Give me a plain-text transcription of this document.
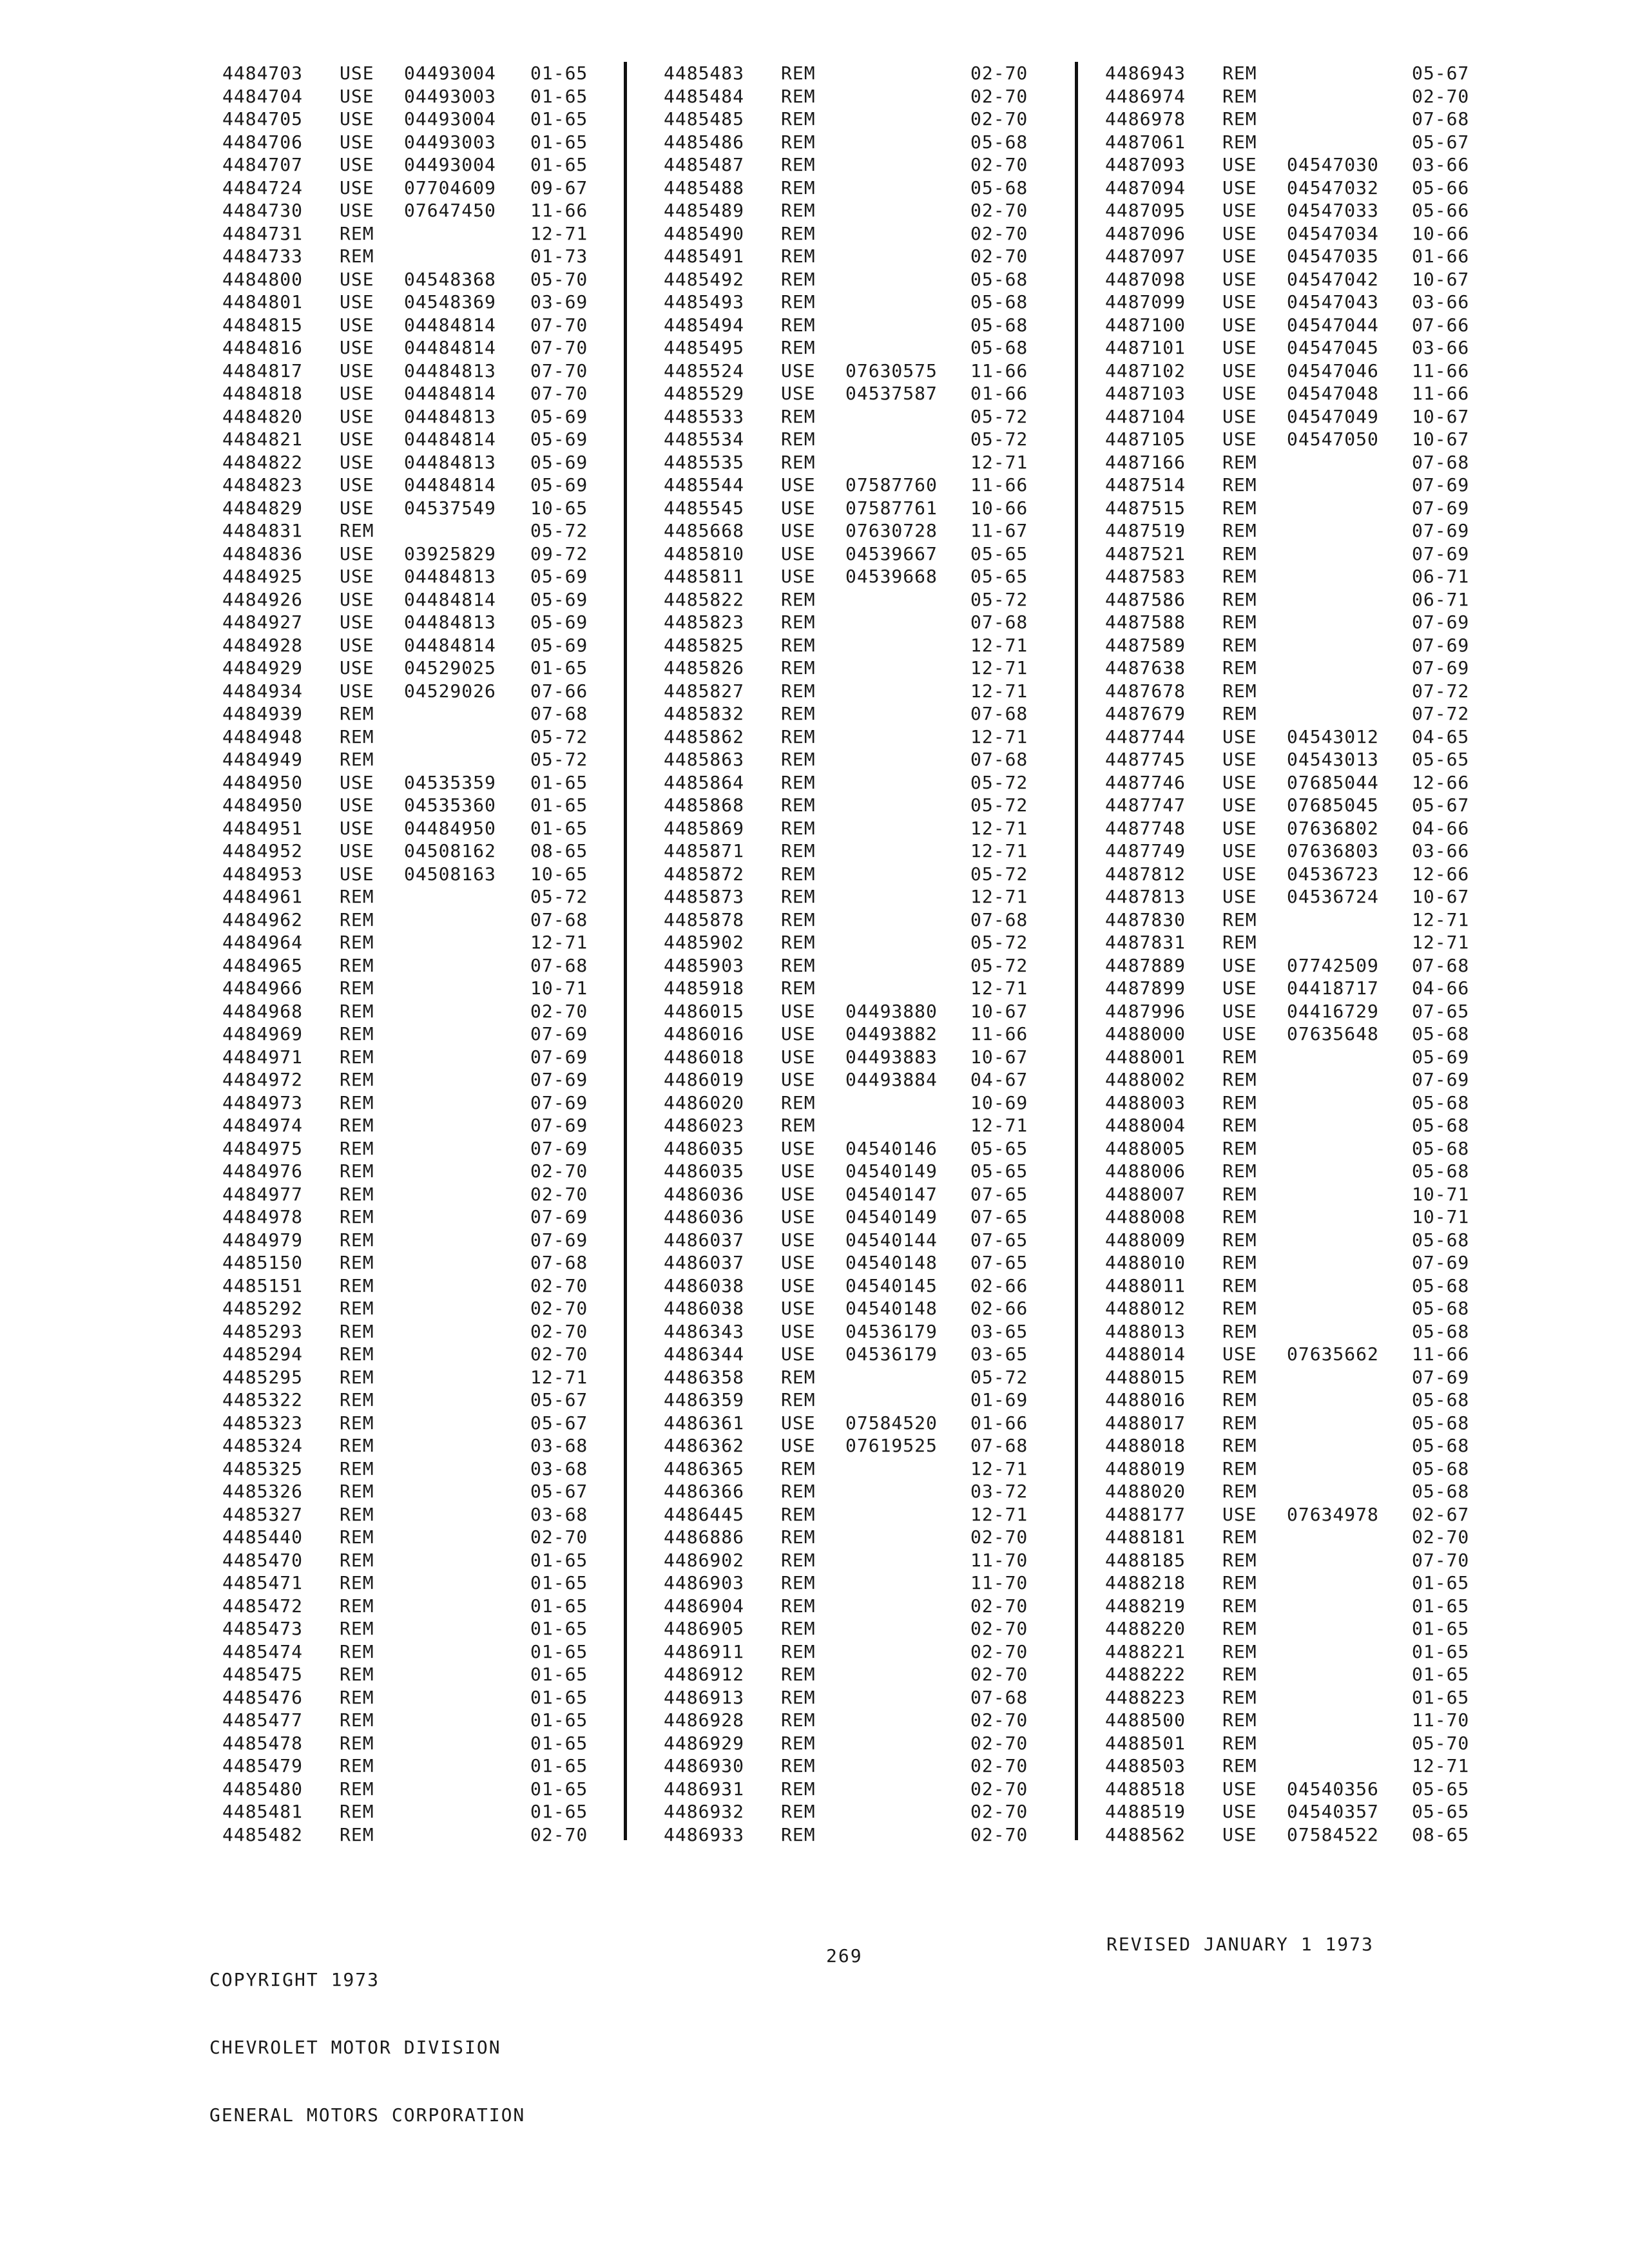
4484703 USE 04493004 01-65
4484704 USE 04493003 01-65
4484705 USE 04493004 01-65
4484706 USE 04493003 01-65
4484707 USE 04493004 01-65
4484724 USE 07704609 09-67
4484730 USE 07647450 11-66
4484731 REM	12-71
4484733 REM	01-73
4484800 USE 04548368 05-70
4484801 USE 04548369 03-69
4484815 USE 04484814 07-70
4484816 USE 04484814 07-70
4484817 USE 04484813 07-70
4484818 USE 04484814 07-70
4484820 USE 04484813 05-69
4484821 USE 04484814 05-69
4484822 USE 04484813 05-69
4484823 USE 04484814 05-69
4484829 USE 04537549 10-65
4484831 REM	05-72
4484836 USE 03925829 09-72
4484925 USE 04484813 05-69
4484926 USE 04484814 05-69
4484927 USE 04484813 05-69
4484928 USE 04484814 05-69
4484929 USE 04529025 01-65
4484934 USE 04529026 07-66
4484939 REM	07-68
4484948 REM	05-72
4484949 REM	05-72
4484950 USE 04535359 01-65
4484950 USE 04535360 01-65
4484951 USE 04484950 01-65
4484952 USE 04508162 08-65
4484953 USE 04508163 10-65
4484961 REM	05-72
4484962 REM	07-68
4484964 REM	12-71
4484965 REM	07-68
4484966 REM	10-71
4484968 REM	02-70
4484969 REM	07-69
4484971 REM	07-69
4484972 REM	07-69
4484973 REM	07-69
4484974 REM	07-69
4484975 REM	07-69
4484976 REM	02-70
4484977 REM	02-70
4484978 REM	07-69
4484979 REM	07-69
4485150 REM	07-68
4485151 REM	02-70
4485292 REM	02-70
4485293 REM	02-70
4485294 REM	02-70
4485295 REM	12-71
4485322 REM	05-67
4485323 REM	05-67
4485324 REM	03-68
4485325 REM	03-68
4485326 REM	05-67
4485327 REM	03-68
4485440 REM	02-70
4485470 REM	01-65
4485471 REM	01-65
4485472 REM	01-65
4485473 REM	01-65
4485474 REM	01-65
4485475 REM	01-65
4485476 REM	01-65
4485477 REM	01-65
4485478 REM	01-65
4485479 REM	01-65
4485480 REM	01-65
4485481 REM	01-65
4485482 REM	02-70
4485483 REM	02-70
4485484 REM	02-70
4485485 REM	02-70
4485486 REM	05-68
4485487 REM	02-70
4485488 REM	05-68
4485489 REM	02-70
4485490 REM	02-70
4485491 REM	02-70
4485492 REM	05-68
4485493 REM	05-68
4485494 REM	05-68
4485495 REM	05-68
4485524 USE 07630575 11-66
4485529 USE 04537587 01-66
4485533 REM	05-72
4485534 REM	05-72
4485535 REM	12-71
4485544 USE 07587760 11-66
4485545 USE 07587761 10-66
4485668 USE 07630728 11-67
4485810 USE 04539667 05-65
4485811 USE 04539668 05-65
4485822 REM	05-72
4485823 REM	07-68
4485825 REM	12-71
4485826 REM	12-71
4485827 REM	12-71
4485832 REM	07-68
4485862 REM	12-71
4485863 REM	07-68
4485864 REM	05-72
4485868 REM	05-72
4485869 REM	12-71
4485871 REM	12-71
4485872 REM	05-72
4485873 REM	12-71
4485878 REM	07-68
4485902 REM	05-72
4485903 REM	05-72
4485918 REM	12-71
4486015 USE 04493880 10-67
4486016 USE 04493882 11-66
4486018 USE 04493883 10-67
4486019 USE 04493884 04-67
4486020 REM	10-69
4486023 REM	12-71
4486035 USE 04540146 05-65
4486035 USE 04540149 05-65
4486036 USE 04540147 07-65
4486036 USE 04540149 07-65
4486037 USE 04540144 07-65
4486037 USE 04540148 07-65
4486038 USE 04540145 02-66
4486038 USE 04540148 02-66
4486343 USE 04536179 03-65
4486344 USE 04536179 03-65
4486358 REM	05-72
4486359 REM	01-69
4486361 USE 07584520 01-66
4486362 USE 07619525 07-68
4486365 REM	12-71
4486366 REM	03-72
4486445 REM	12-71
4486886 REM	02-70
4486902 REM	11-70
4486903 REM	11-70
4486904 REM	02-70
4486905 REM	02-70
4486911 REM	02-70
4486912 REM	02-70
4486913 REM	07-68
4486928 REM	02-70
4486929 REM	02-70
4486930 REM	02-70
4486931 REM	02-70
4486932 REM	02-70
4486933 REM	02-70
4486943 REM	05-67
4486974 REM	02-70
4486978 REM	07-68
4487061 REM	05-67
4487093 USE 04547030 03-66
4487094 USE 04547032 05-66
4487095 USE 04547033 05-66
4487096 USE 04547034 10-66
4487097 USE 04547035 01-66
4487098 USE 04547042 10-67
4487099 USE 04547043 03-66
4487100 USE 04547044 07-66
4487101 USE 04547045 03-66
4487102 USE 04547046 11-66
4487103 USE 04547048 11-66
4487104 USE 04547049 10-67
4487105 USE 04547050 10-67
4487166 REM	07-68
4487514 REM	07-69
4487515 REM	07-69
4487519 REM	07-69
4487521 REM	07-69
4487583 REM	06-71
4487586 REM	06-71
4487588 REM	07-69
4487589 REM	07-69
4487638 REM	07-69
4487678 REM	07-72
4487679 REM	07-72
4487744 USE 04543012 04-65
4487745 USE 04543013 05-65
4487746 USE 07685044 12-66
4487747 USE 07685045 05-67
4487748 USE 07636802 04-66
4487749 USE 07636803 03-66
4487812 USE 04536723 12-66
4487813 USE 04536724 10-67
4487830 REM	12-71
4487831 REM	12-71
4487889 USE 07742509 07-68
4487899 USE 04418717 04-66
4487996 USE 04416729 07-65
4488000 USE 07635648 05-68
4488001 REM	05-69
4488002 REM	07-69
4488003 REM	05-68
4488004 REM	05-68
4488005 REM	05-68
4488006 REM	05-68
4488007 REM	10-71
4488008 REM	10-71
4488009 REM	05-68
4488010 REM	07-69
4488011 REM	05-68
4488012 REM	05-68
4488013 REM	05-68
4488014 USE 07635662 11-66
4488015 REM	07-69
4488016 REM	05-68
4488017 REM	05-68
4488018 REM	05-68
4488019 REM	05-68
4488020 REM	05-68
4488177 USE 07634978 02-67
4488181 REM	02-70
4488185 REM	07-70
4488218 REM	01-65
4488219 REM	01-65
4488220 REM	01-65
4488221 REM	01-65
4488222 REM	01-65
4488223 REM	01-65
4488500 REM	11-70
4488501 REM	05-70
4488503 REM	12-71
4488518 USE 04540356 05-65
4488519 USE 04540357 05-65
4488562 USE 07584522 08-65

COPYRIGHT 1973

CHEVROLET MOTOR DIVISION

GENERAL MOTORS CORPORATION

269
REVISED JANUARY 1 1973
